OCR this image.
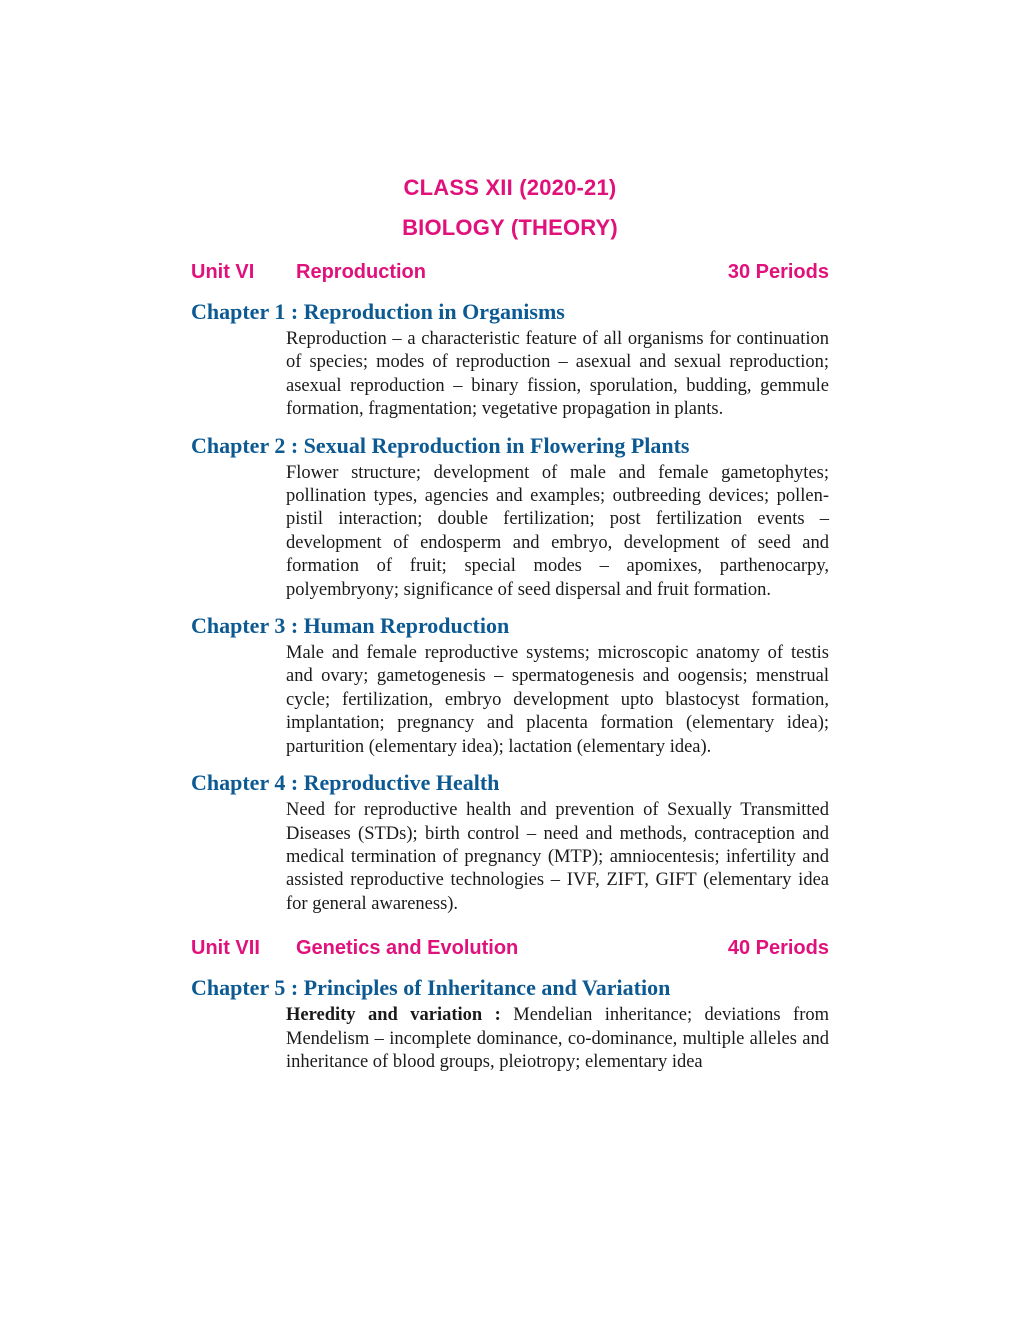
CLASS XII (2020-21)
BIOLOGY (THEORY)
Unit VI	Reproduction	30 Periods
Chapter 1 : Reproduction in Organisms
Reproduction – a characteristic feature of all organisms for continuation of species; modes of reproduction – asexual and sexual reproduction; asexual reproduction – binary fission, sporulation, budding, gemmule formation, fragmentation; vegetative propagation in plants.
Chapter 2 : Sexual Reproduction in Flowering Plants
Flower structure; development of male and female gametophytes; pollination types, agencies and examples; outbreeding devices; pollen-pistil interaction; double fertilization; post fertilization events – development of endosperm and embryo, development of seed and formation of fruit; special modes – apomixes, parthenocarpy, polyembryony; significance of seed dispersal and fruit formation.
Chapter 3 : Human Reproduction
Male and female reproductive systems; microscopic anatomy of testis and ovary; gametogenesis – spermatogenesis and oogensis; menstrual cycle; fertilization, embryo development upto blastocyst formation, implantation; pregnancy and placenta formation (elementary idea); parturition (elementary idea); lactation (elementary idea).
Chapter 4 : Reproductive Health
Need for reproductive health and prevention of Sexually Transmitted Diseases (STDs); birth control – need and methods, contraception and medical termination of pregnancy (MTP); amniocentesis; infertility and assisted reproductive technologies – IVF, ZIFT, GIFT (elementary idea for general awareness).
Unit VII	Genetics and Evolution	40 Periods
Chapter 5 : Principles of Inheritance and Variation
Heredity and variation : Mendelian inheritance; deviations from Mendelism – incomplete dominance, co-dominance, multiple alleles and inheritance of blood groups, pleiotropy; elementary idea
